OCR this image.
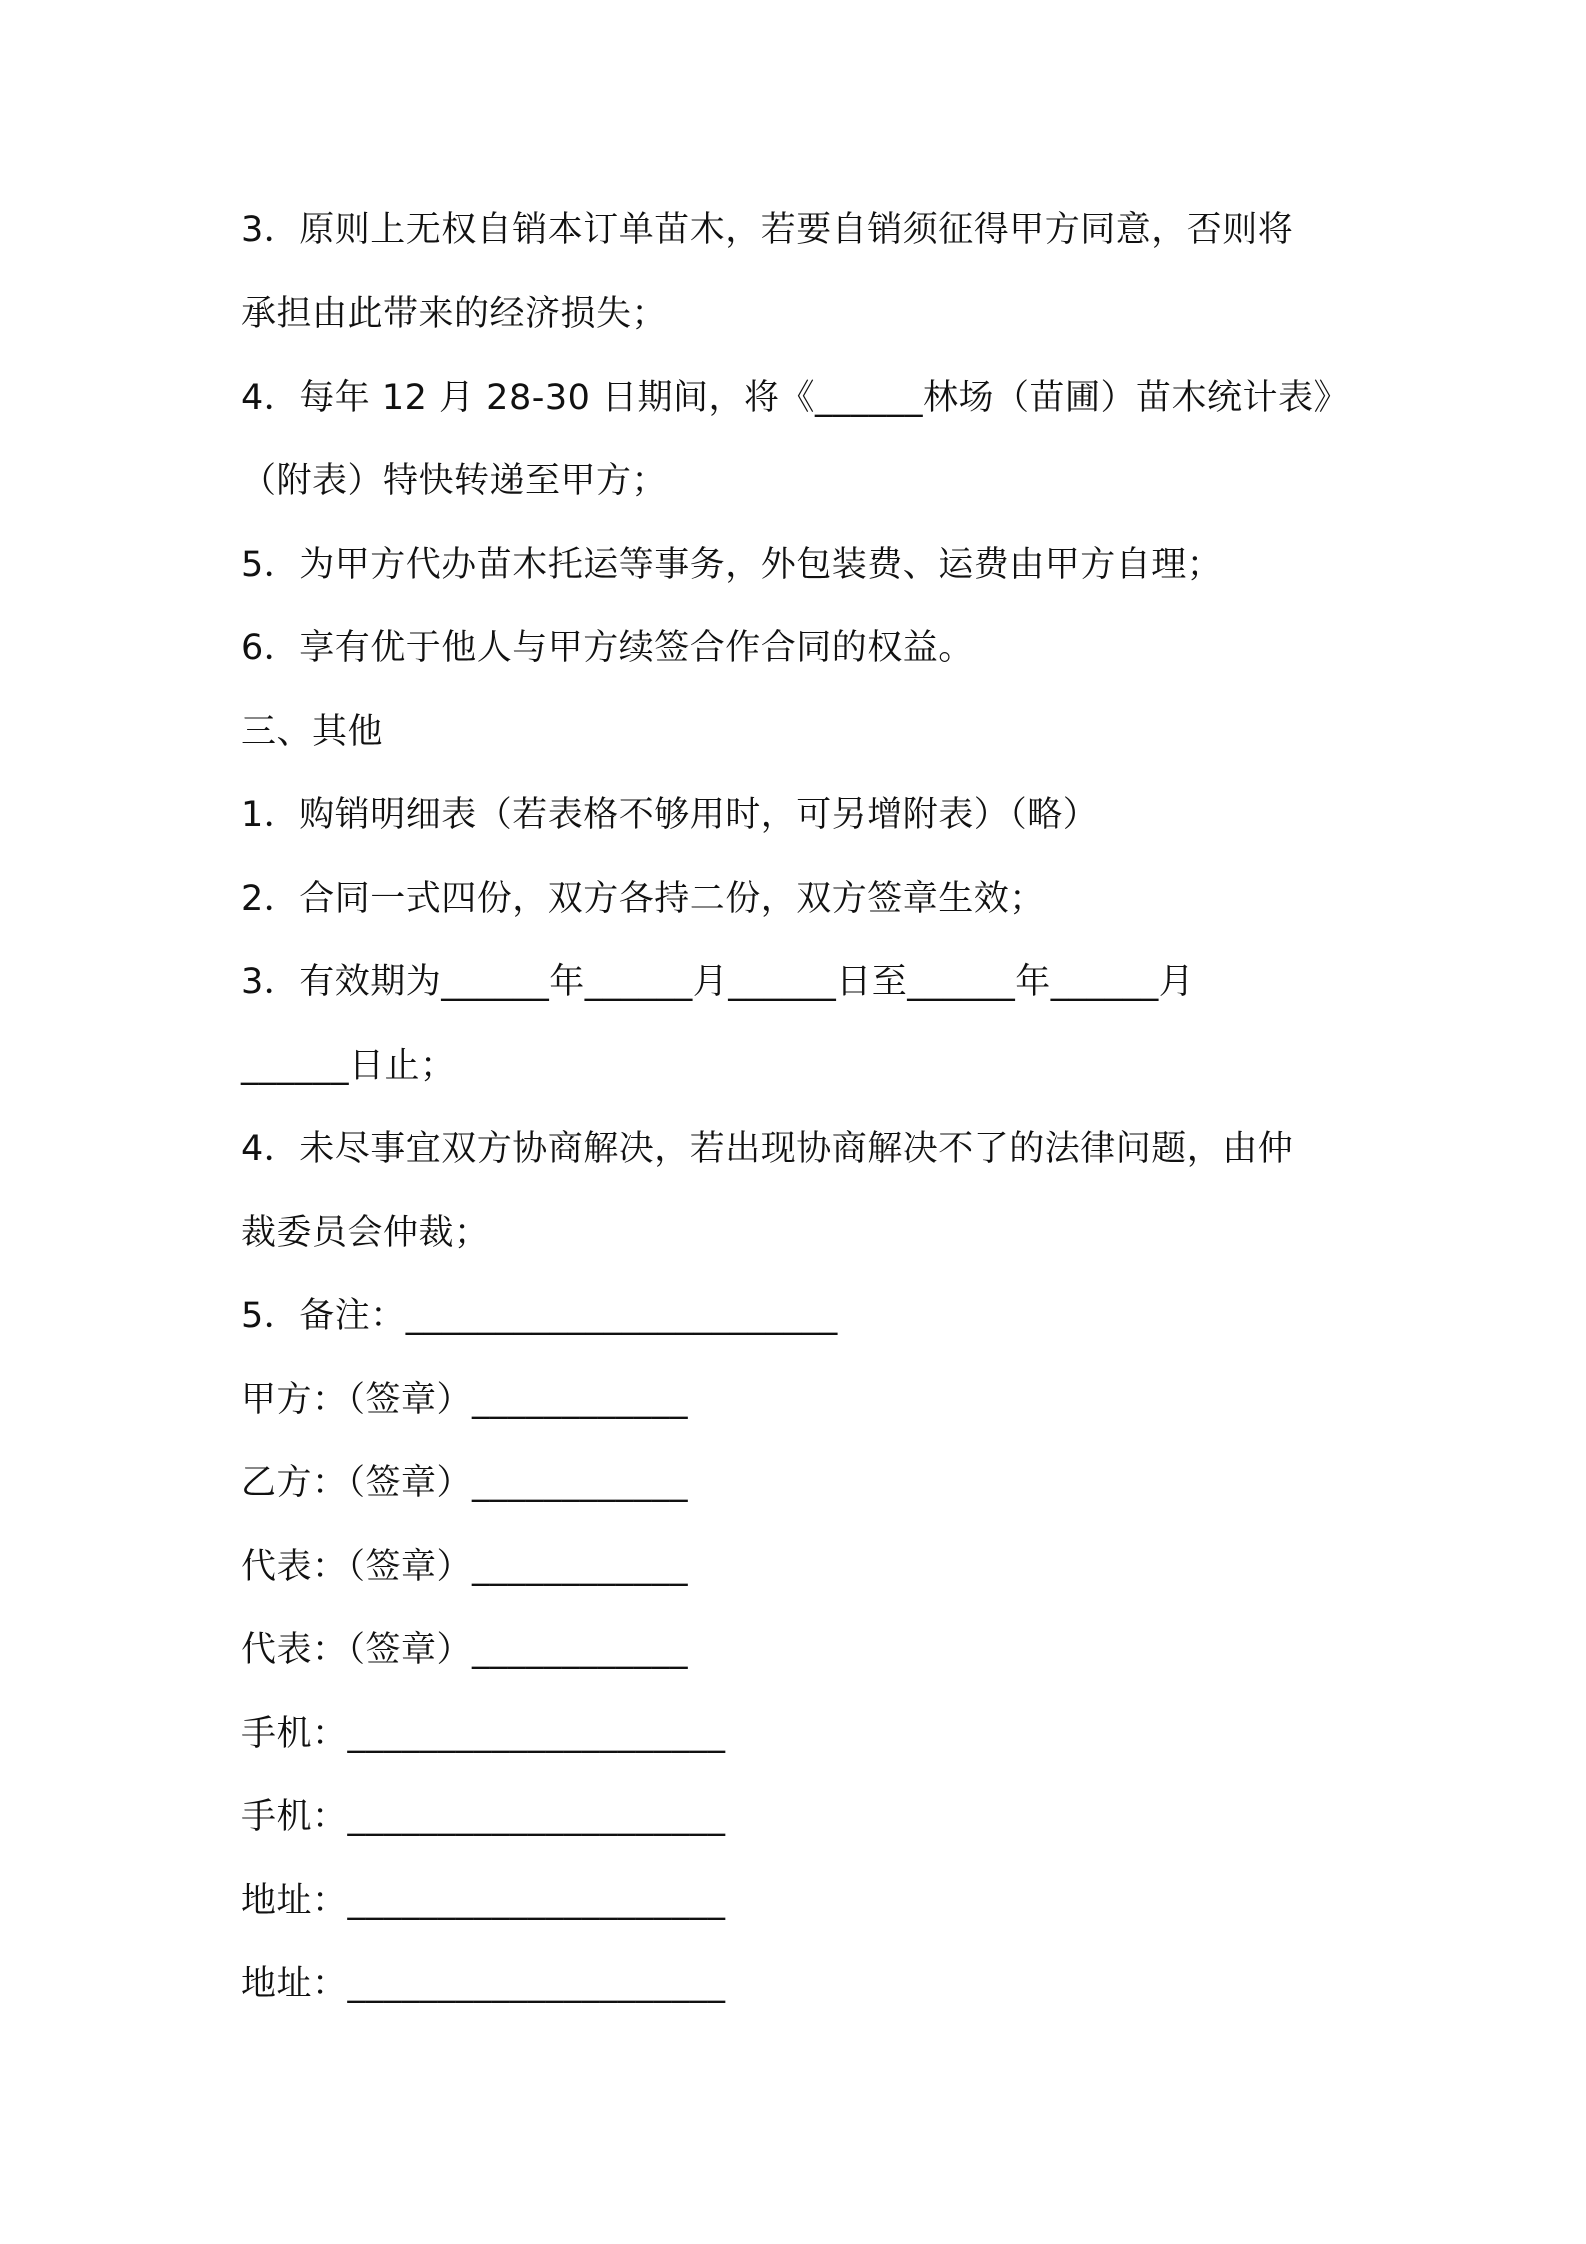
3．原则上无权自销本订单苗木，若要自销须征得甲方同意，否则将
承担由此带来的经济损失；
4．每年 12 月 28-30 日期间，将《______林场（苗圃）苗木统计表》
（附表）特快转递至甲方；
5．为甲方代办苗木托运等事务，外包装费、运费由甲方自理；
6．享有优于他人与甲方续签合作合同的权益。
三、其他
1．购销明细表（若表格不够用时，可另增附表）（略）
2．合同一式四份，双方各持二份，双方签章生效；
3．有效期为______年______月______日至______年______月
______日止；
4．未尽事宜双方协商解决，若出现协商解决不了的法律问题，由仲
裁委员会仲裁；
5．备注：________________________
甲方：（签章）____________
乙方：（签章）____________
代表：（签章）____________
代表：（签章）____________
手机：_____________________
手机：_____________________
地址：_____________________
地址：_____________________
